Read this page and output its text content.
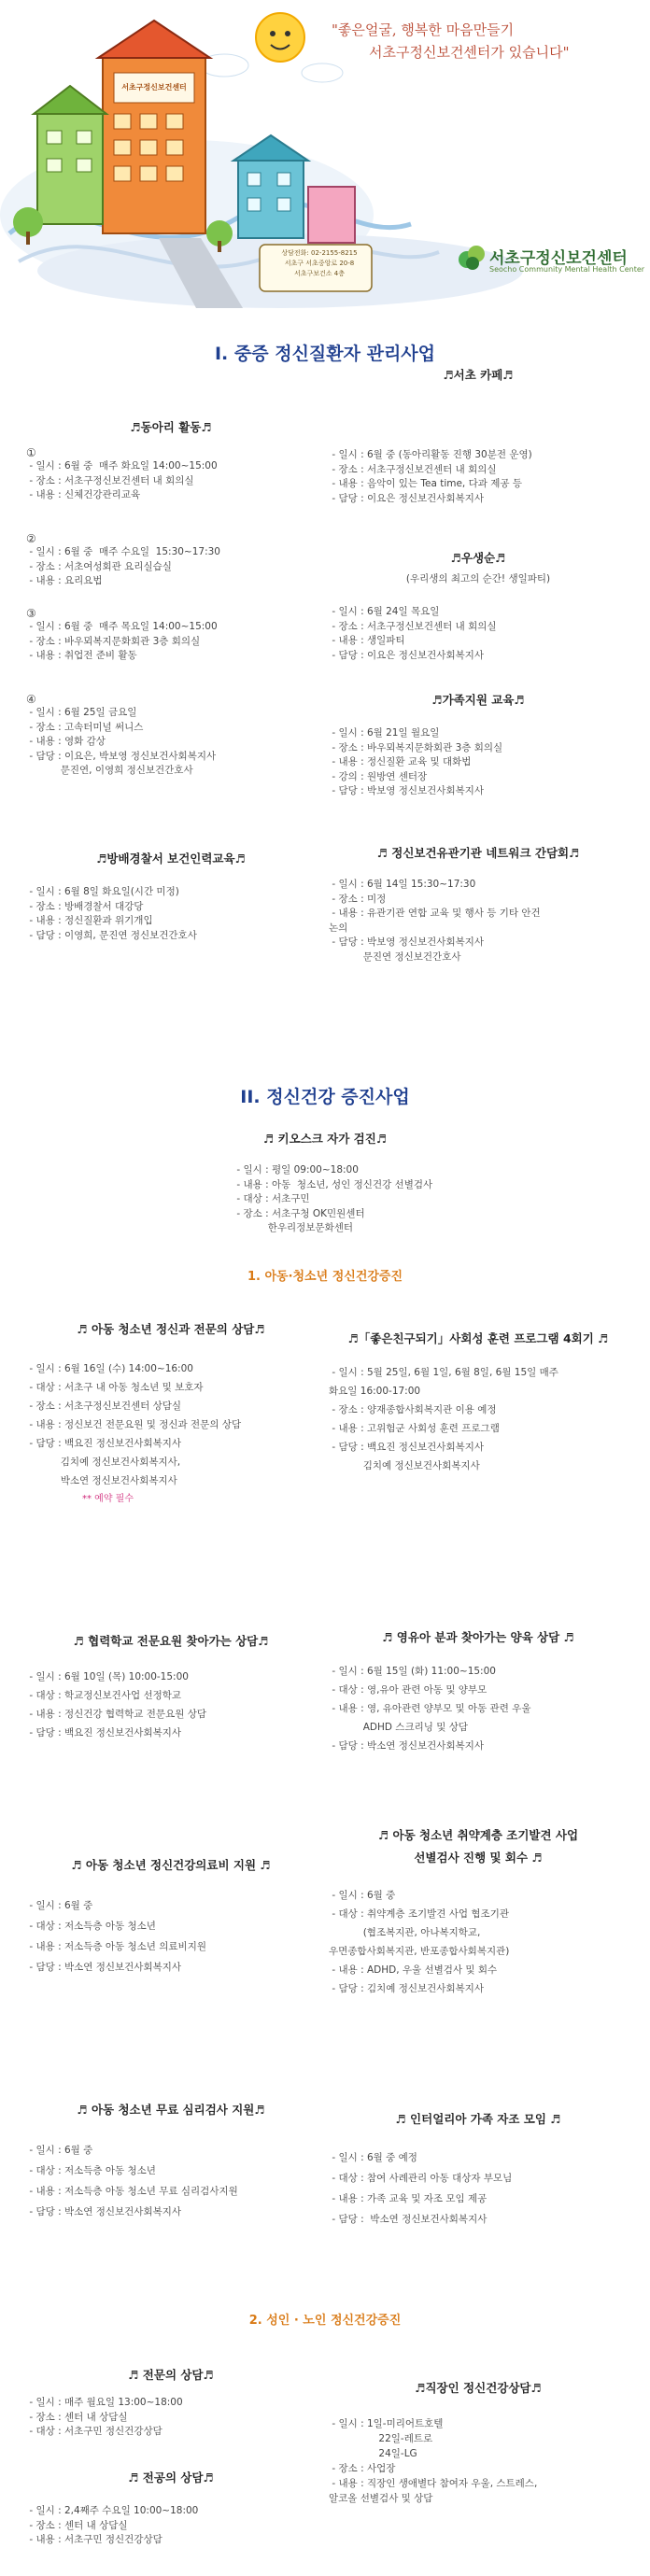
상담전화: 02-2155-8215
서초구 서초중앙로 20-8
서초구보건소 4층
서초구정신보건센터
"좋은얼굴, 행복한 마음만들기
서초구정신보건센터가 있습니다"
서초구정신보건센터
Seocho Community Mental Health Center
I. 중증 정신질환자 관리사업
♬동아리 활동♬
①
- 일시 : 6월 중  매주 화요일 14:00~15:00
- 장소 : 서초구정신보건센터 내 회의실
- 내용 : 신체건강관리교육
②
- 일시 : 6월 중  매주 수요일  15:30~17:30
- 장소 : 서초여성회관 요리실습실
- 내용 : 요리요법
③
- 일시 : 6월 중  매주 목요일 14:00~15:00
- 장소 : 바우뫼복지문화회관 3층 회의실
- 내용 : 취업전 준비 활동
④
- 일시 : 6월 25일 금요일
- 장소 : 고속터미널 써니스
- 내용 : 영화 감상
- 담당 : 이요은, 박보영 정신보건사회복지사
문진연, 이영희 정신보건간호사
♬서초 카페♬
- 일시 : 6월 중 (동아리활동 진행 30분전 운영)
- 장소 : 서초구정신보건센터 내 회의실
- 내용 : 음악이 있는 Tea time, 다과 제공 등
- 담당 : 이요은 정신보건사회복지사
♬우생순♬
(우리생의 최고의 순간! 생일파티)
- 일시 : 6월 24일 목요일
- 장소 : 서초구정신보건센터 내 회의실
- 내용 : 생일파티
- 담당 : 이요은 정신보건사회복지사
♬가족지원 교육♬
- 일시 : 6월 21일 월요일
- 장소 : 바우뫼복지문화회관 3층 회의실
- 내용 : 정신질환 교육 및 대화법
- 강의 : 원방연 센터장
- 담당 : 박보영 정신보건사회복지사
♬방배경찰서 보건인력교육♬
- 일시 : 6월 8일 화요일(시간 미정)
- 장소 : 방배경찰서 대강당
- 내용 : 정신질환과 위기개입
- 담당 : 이영희, 문진연 정신보건간호사
♬ 정신보건유관기관 네트워크 간담회♬
- 일시 : 6월 14일 15:30~17:30
- 장소 : 미정
- 내용 : 유관기관 연합 교육 및 행사 등 기타 안건
논의
- 담당 : 박보영 정신보건사회복지사
문진연 정신보건간호사
II. 정신건강 증진사업
♬ 키오스크 자가 검진♬
- 일시 : 평일 09:00~18:00
- 내용 : 아동  청소년, 성인 정신건강 선별검사
- 대상 : 서초구민
- 장소 : 서초구청 OK민원센터
한우리정보문화센터
1. 아동·청소년 정신건강증진
♬ 아동 청소년 정신과 전문의 상담♬
- 일시 : 6월 16일 (수) 14:00~16:00
- 대상 : 서초구 내 아동 청소년 및 보호자
- 장소 : 서초구정신보건센터 상담실
- 내용 : 정신보건 전문요원 및 정신과 전문의 상담
- 담당 : 백요진 정신보건사회복지사
김치예 정신보건사회복지사,
박소연 정신보건사회복지사
** 예약 필수
♬「좋은친구되기」사회성 훈련 프로그램 4회기 ♬
- 일시 : 5월 25일, 6월 1일, 6월 8일, 6월 15일 매주
화요일 16:00-17:00
- 장소 : 양재종합사회복지관 이용 예정
- 내용 : 고위험군 사회성 훈련 프로그램
- 담당 : 백요진 정신보건사회복지사
김치예 정신보건사회복지사
♬ 협력학교 전문요원 찾아가는 상담♬
- 일시 : 6월 10일 (목) 10:00-15:00
- 대상 : 학교정신보건사업 선정학교
- 내용 : 정신건강 협력학교 전문요원 상담
- 담당 : 백요진 정신보건사회복지사
♬ 영유아 분과 찾아가는 양육 상담 ♬
- 일시 : 6월 15일 (화) 11:00~15:00
- 대상 : 영,유아 관련 아동 및 양부모
- 내용 : 영, 유아관련 양부모 및 아동 관련 우울
ADHD 스크리닝 및 상담
- 담당 : 박소연 정신보건사회복지사
♬ 아동 청소년 정신건강의료비 지원 ♬
- 일시 : 6월 중
- 대상 : 저소득층 아동 청소년
- 내용 : 저소득층 아동 청소년 의료비지원
- 담당 : 박소연 정신보건사회복지사
♬ 아동 청소년 취약계층 조기발견 사업
선별검사 진행 및 회수 ♬
- 일시 : 6월 중
- 대상 : 취약계층 조기발견 사업 협조기관
(협조복지관, 아나복지학교,
우면종합사회복지관, 반포종합사회복지관)
- 내용 : ADHD, 우울 선별검사 및 회수
- 담당 : 김치예 정신보건사회복지사
♬ 아동 청소년 무료 심리검사 지원♬
- 일시 : 6월 중
- 대상 : 저소득층 아동 청소년
- 내용 : 저소득층 아동 청소년 무료 심리검사지원
- 담당 : 박소연 정신보건사회복지사
♬ 인터얼리아 가족 자조 모임 ♬
- 일시 : 6월 중 예정
- 대상 : 참여 사례관리 아동 대상자 부모님
- 내용 : 가족 교육 및 자조 모임 제공
- 담당 :  박소연 정신보건사회복지사
2. 성인 · 노인 정신건강증진
♬ 전문의 상담♬
- 일시 : 매주 월요일 13:00~18:00
- 장소 : 센터 내 상담실
- 대상 : 서초구민 정신건강상담
♬직장인 정신건강상담♬
- 일시 : 1일-미리어트호텔
22일-레트로
24일-LG
- 장소 : 사업장
- 내용 : 직장인 생애별다 참여자 우울, 스트레스,
알코올 선별검사 및 상담
♬ 전공의 상담♬
- 일시 : 2,4째주 수요일 10:00~18:00
- 장소 : 센터 내 상담실
- 내용 : 서초구민 정신건강상담
